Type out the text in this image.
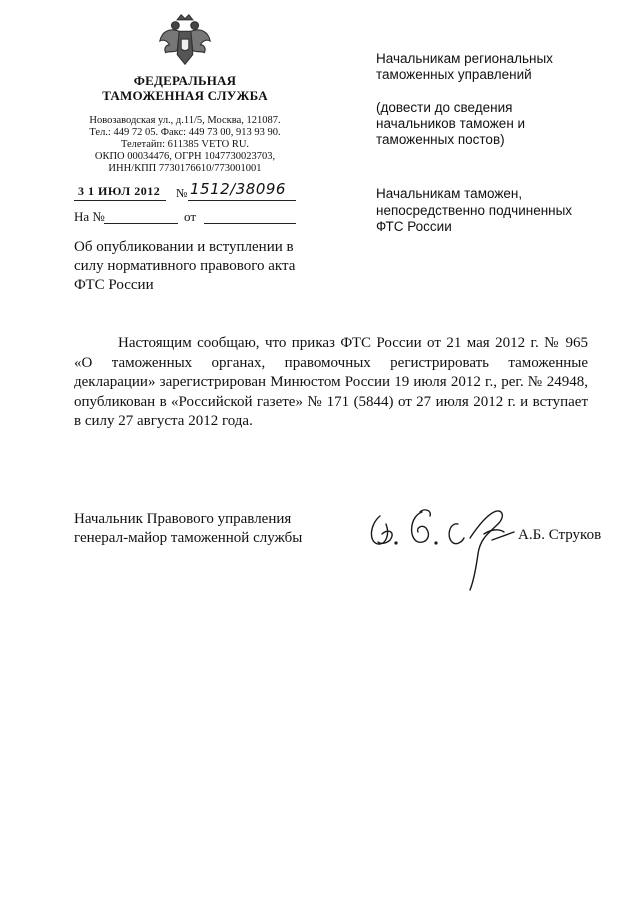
ФЕДЕРАЛЬНАЯ
ТАМОЖЕННАЯ СЛУЖБА
Новозаводская ул., д.11/5, Москва, 121087.
Тел.: 449 72 05. Факс: 449 73 00, 913 93 90.
Телетайп: 611385 VETO RU.
ОКПО 00034476, ОГРН 1047730023703,
ИНН/КПП 7730176610/773001001
3 1 ИЮЛ 2012 № 1512/38096
На №	от
Об опубликовании и вступлении в
силу нормативного правового акта
ФТС России
Начальникам региональных
таможенных управлений
(довести до сведения
начальников таможен и
таможенных постов)
Начальникам таможен,
непосредственно подчиненных
ФТС России
Настоящим сообщаю, что приказ ФТС России от 21 мая 2012 г. № 965 «О таможенных органах, правомочных регистрировать таможенные декларации» зарегистрирован Минюстом России 19 июля 2012 г., рег. № 24948, опубликован в «Российской газете» № 171 (5844) от 27 июля 2012 г. и вступает в силу 27 августа 2012 года.
Начальник Правового управления
генерал-майор таможенной службы	А.Б. Струков
